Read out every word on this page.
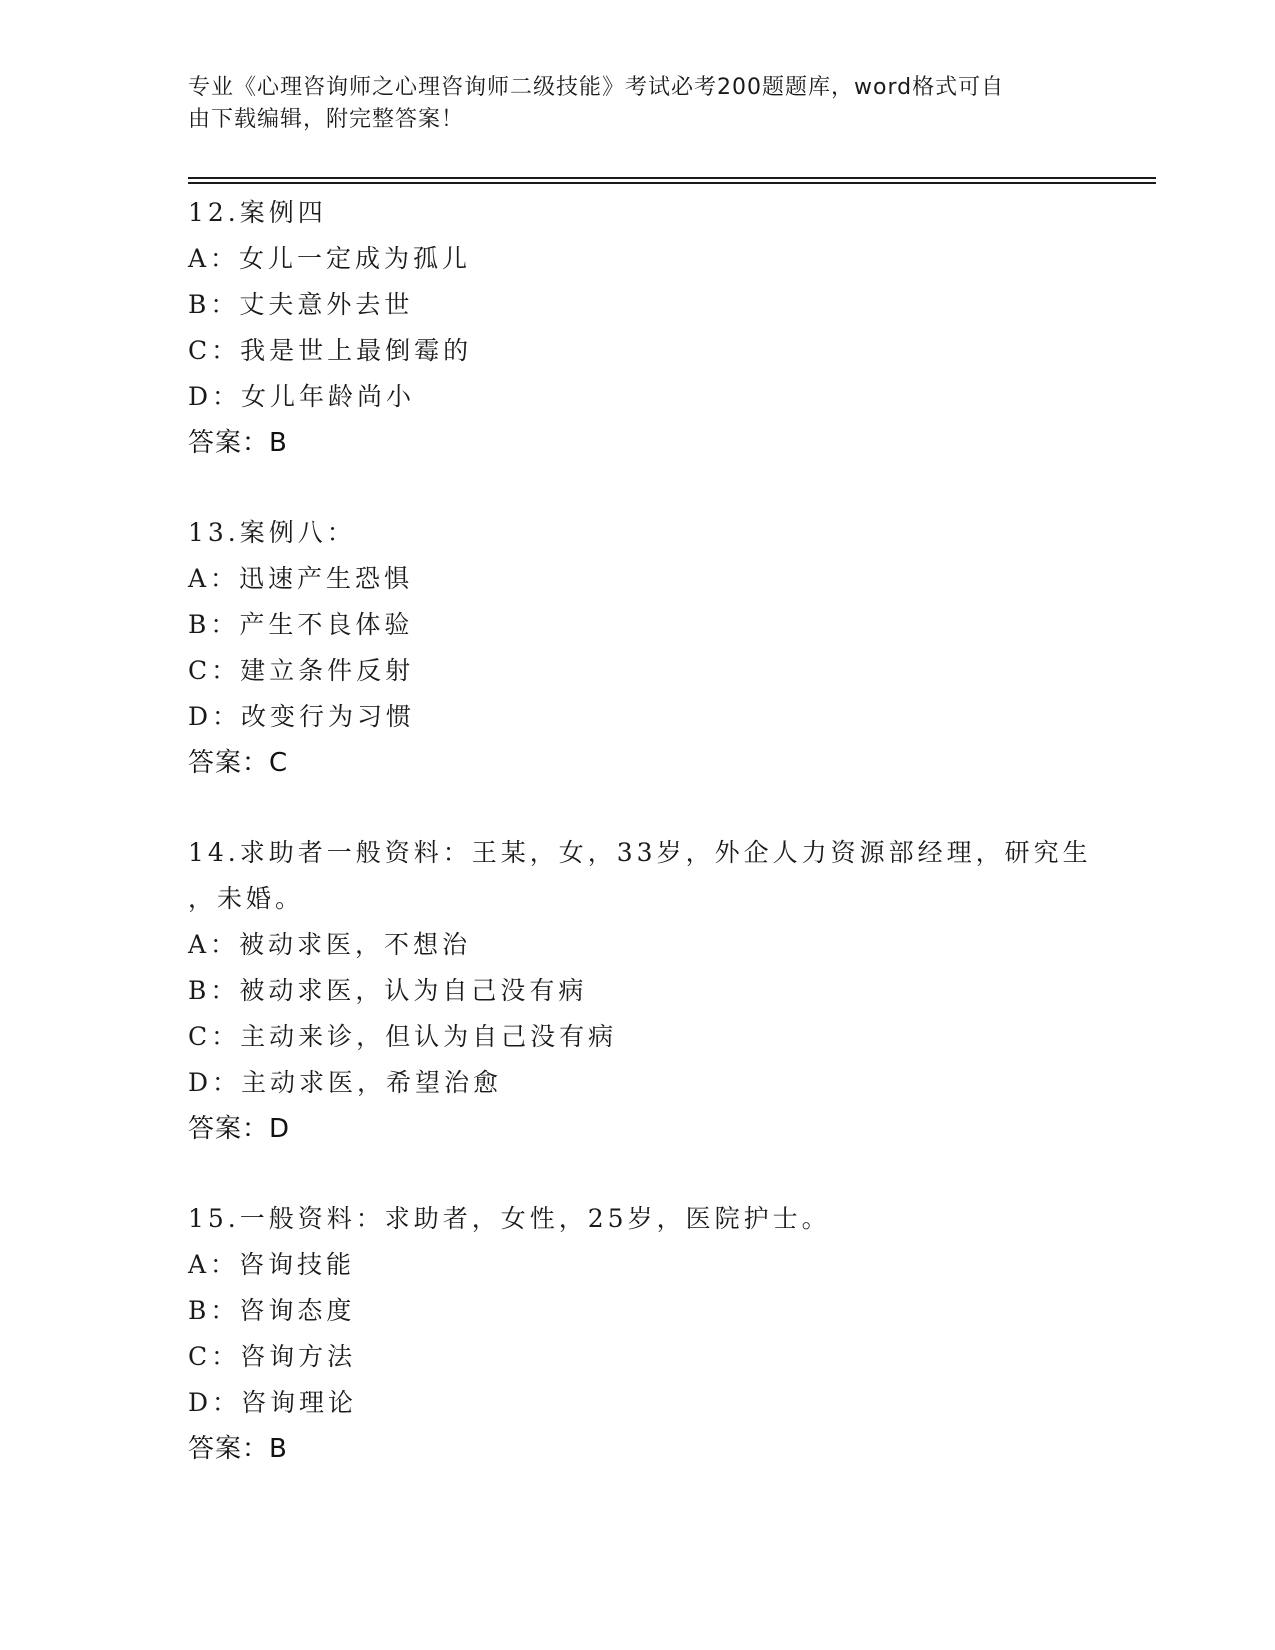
专业《心理咨询师之心理咨询师二级技能》考试必考200题题库，word格式可自
由下载编辑，附完整答案！
12.案例四
A：女儿一定成为孤儿
B：丈夫意外去世
C：我是世上最倒霉的
D：女儿年龄尚小
答案：B
13.案例八：
A：迅速产生恐惧
B：产生不良体验
C：建立条件反射
D：改变行为习惯
答案：C
14.求助者一般资料：王某，女，33岁，外企人力资源部经理，研究生
，未婚。
A：被动求医，不想治
B：被动求医，认为自己没有病
C：主动来诊，但认为自己没有病
D：主动求医，希望治愈
答案：D
15.一般资料：求助者，女性，25岁，医院护士。
A：咨询技能
B：咨询态度
C：咨询方法
D：咨询理论
答案：B
